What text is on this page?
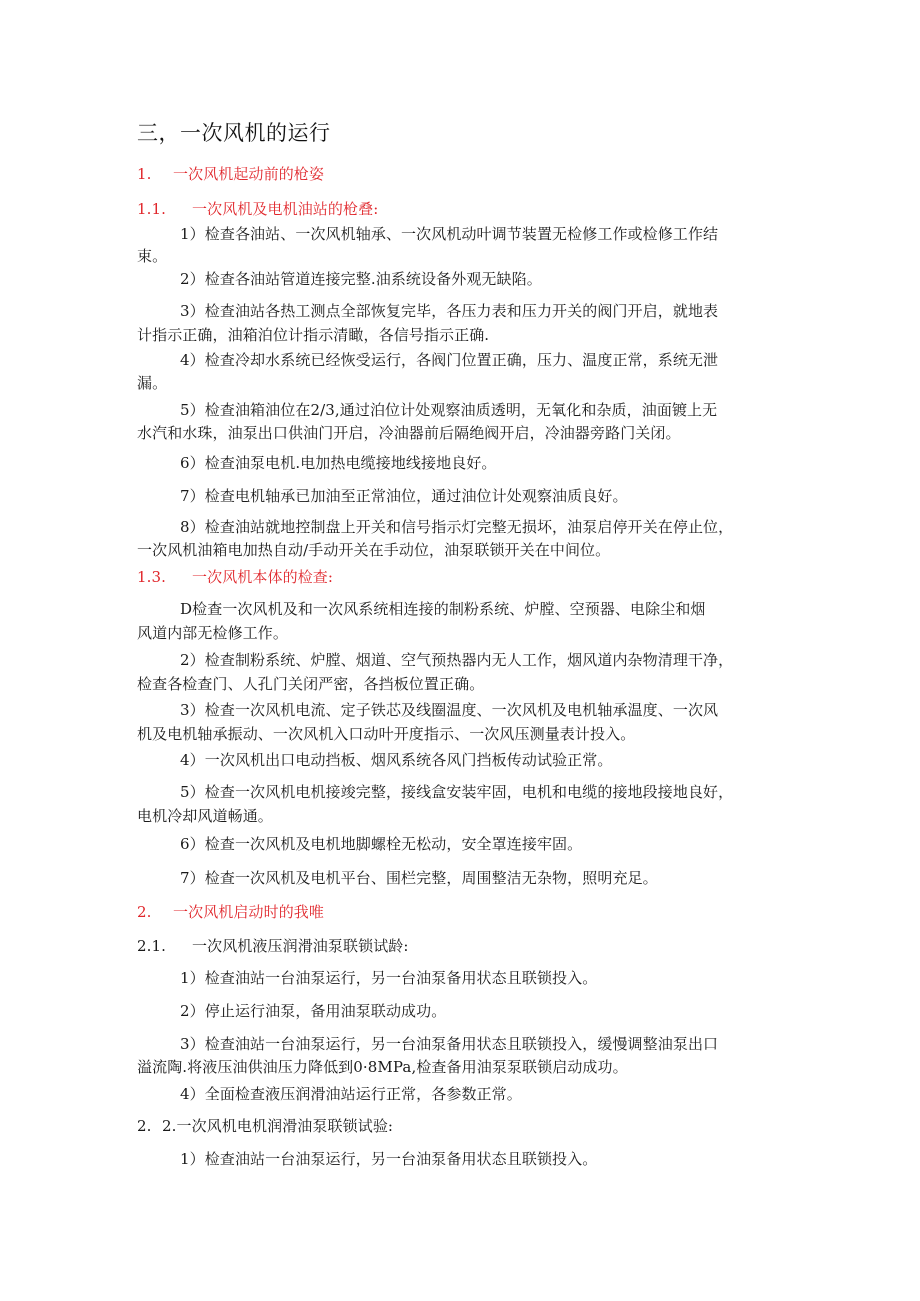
三，一次风机的运行
1. 一次风机起动前的枪姿
1.1. 一次风机及电机油站的枪叠:
1）检查各油站、一次风机轴承、一次风机动叶调节装置无检修工作或检修工作结
束。
2）检查各油站管道连接完整.油系统设备外观无缺陷。
3）检查油站各热工测点全部恢复完毕，各压力表和压力开关的阀门开启，就地表
计指示正确，油箱泊位计指示清瞰，各信号指示正确.
4）检查冷却水系统已经恢受运行，各阀门位置正确，压力、温度正常，系统无泄
漏。
5）检查油箱油位在2/3,通过泊位计处观察油质透明，无氧化和杂质，油面镀上无
水汽和水珠，油泵出口供油门开启，冷油器前后隔绝阀开启，冷油器旁路门关闭。
6）检查油泵电机.电加热电缆接地线接地良好。
7）检查电机轴承已加油至正常油位，通过油位计处观察油质良好。
8）检查油站就地控制盘上开关和信号指示灯完整无损坏，油泵启停开关在停止位，
一次风机油箱电加热自动/手动开关在手动位，油泵联锁开关在中间位。
1.3. 一次风机本体的检查:
D检查一次风机及和一次风系统相连接的制粉系统、炉膛、空预器、电除尘和烟
风道内部无检修工作。
2）检查制粉系统、炉膛、烟道、空气预热器内无人工作，烟风道内杂物清理干净，
检查各检查门、人孔门关闭严密，各挡板位置正确。
3）检查一次风机电流、定子铁芯及线圈温度、一次风机及电机轴承温度、一次风
机及电机轴承振动、一次风机入口动叶开度指示、一次风压测量表计投入。
4）一次风机出口电动挡板、烟风系统各风门挡板传动试验正常。
5）检查一次风机电机接竣完整，接线盒安装牢固，电机和电缆的接地段接地良好，
电机冷却风道畅通。
6）检查一次风机及电机地脚螺栓无松动，安全罩连接牢固。
7）检查一次风机及电机平台、围栏完整，周围整洁无杂物，照明充足。
2. 一次风机启动时的我唯
2.1. 一次风机液压润滑油泵联锁试龄:
1）检查油站一台油泵运行，另一台油泵备用状态且联锁投入。
2）停止运行油泵，备用油泵联动成功。
3）检查油站一台油泵运行，另一台油泵备用状态且联锁投入，缓慢调整油泵出口
溢流陶.将液压油供油压力降低到0·8MPa,检查备用油泵泵联锁启动成功。
4）全面检查液压润滑油站运行正常，各参数正常。
2. 2.一次风机电机润滑油泵联锁试验:
1）检查油站一台油泵运行，另一台油泵备用状态且联锁投入。
